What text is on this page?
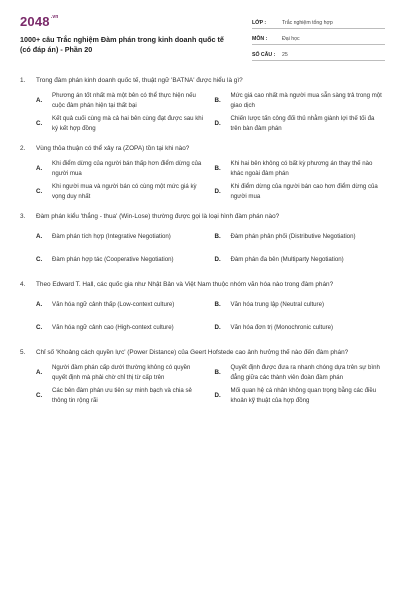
$2048^{.vn}$
1000+ câu Trắc nghiệm Đàm phán trong kinh doanh quốc tế (có đáp án) - Phần 20
LỚP :	Trắc nghiệm tổng hợp
MÔN :	Đại học
SỐ CÂU :	25
1.	Trong đàm phán kinh doanh quốc tế, thuật ngữ 'BATNA' được hiểu là gì?
A.
Phương án tốt nhất mà một bên có thể thực hiện nếu cuộc đàm phán hiện tại thất bại
B.
Mức giá cao nhất mà người mua sẵn sàng trả trong một giao dịch
C.
Kết quả cuối cùng mà cả hai bên cùng đạt được sau khi ký kết hợp đồng
D.
Chiến lược tấn công đối thủ nhằm giành lợi thế tối đa trên bàn đàm phán
2.	Vùng thỏa thuận có thể xảy ra (ZOPA) tồn tại khi nào?
A.
Khi điểm dừng của người bán thấp hơn điểm dừng của người mua
B.
Khi hai bên không có bất kỳ phương án thay thế nào khác ngoài đàm phán
C.
Khi người mua và người bán có cùng một mức giá kỳ vọng duy nhất
D.
Khi điểm dừng của người bán cao hơn điểm dừng của người mua
3.	Đàm phán kiểu 'thắng - thua' (Win-Lose) thường được gọi là loại hình đàm phán nào?
A.	Đàm phán tích hợp (Integrative Negotiation)	B.	Đàm phán phân phối (Distributive Negotiation)
C.	Đàm phán hợp tác (Cooperative Negotiation)	D.	Đàm phán đa bên (Multiparty Negotiation)
4.	Theo Edward T. Hall, các quốc gia như Nhật Bản và Việt Nam thuộc nhóm văn hóa nào trong đàm phán?
A.	Văn hóa ngữ cảnh thấp (Low-context culture)	B.	Văn hóa trung lập (Neutral culture)
C.	Văn hóa ngữ cảnh cao (High-context culture)	D.	Văn hóa đơn trị (Monochronic culture)
5.	Chỉ số 'Khoảng cách quyền lực' (Power Distance) của Geert Hofstede cao ảnh hưởng thế nào đến đàm phán?
A.
Người đàm phán cấp dưới thường không có quyền quyết định mà phải chờ chỉ thị từ cấp trên
B.
Quyết định được đưa ra nhanh chóng dựa trên sự bình đẳng giữa các thành viên đoàn đàm phán
C.
Các bên đàm phán ưu tiên sự minh bạch và chia sẻ thông tin rộng rãi
D.
Mối quan hệ cá nhân không quan trọng bằng các điều khoản kỹ thuật của hợp đồng
